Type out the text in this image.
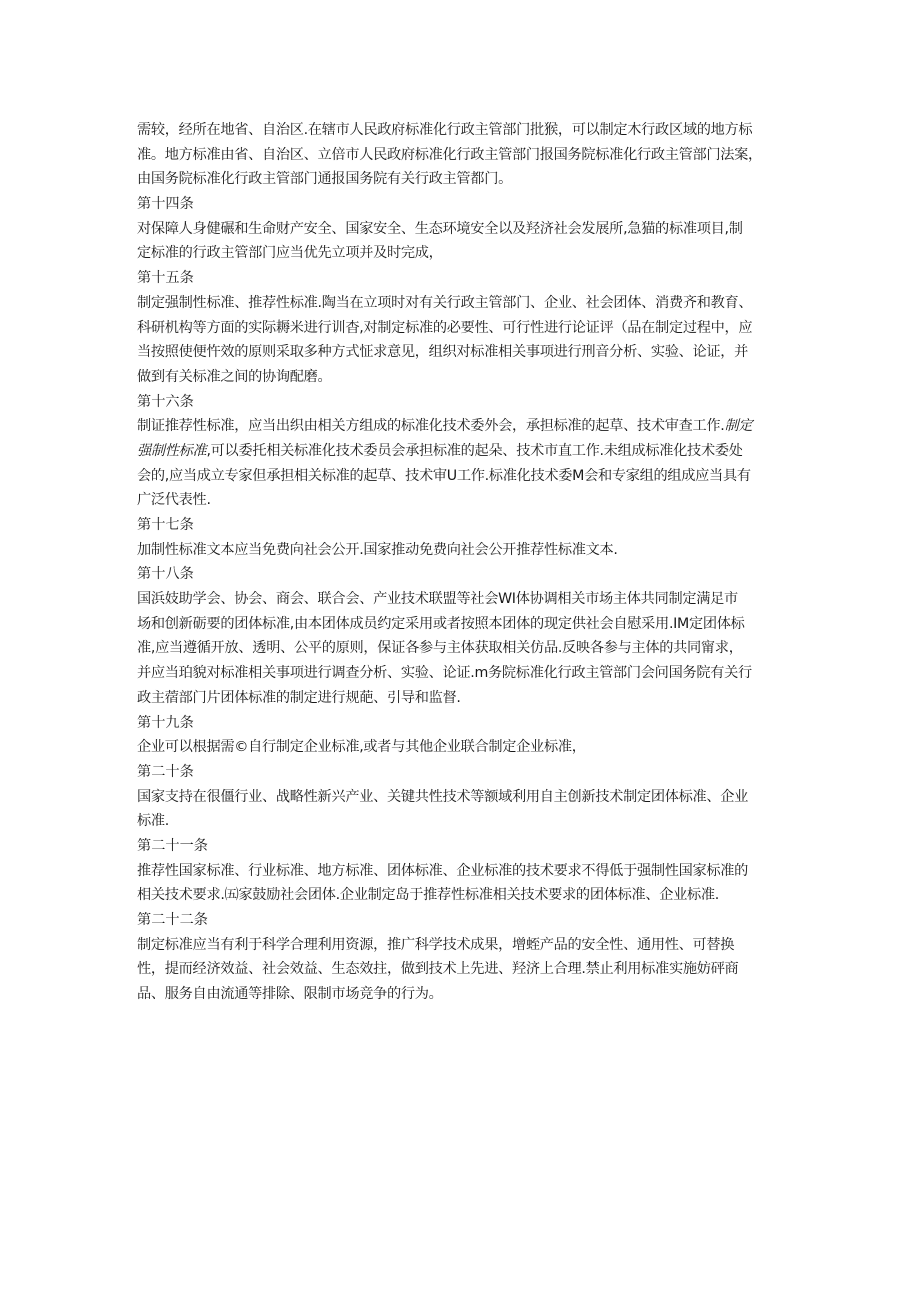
需较，经所在地省、自治区.在辖市人民政府标准化行政主管部门批猴，可以制定木行政区域的地方标
准。地方标准由省、自治区、立倍市人民政府标准化行政主管部门报国务院标准化行政主管部门法案，
由国务院标准化行政主管部门通报国务院有关行政主管都门。
第十四条
对保障人身健碾和生命财产安全、国家安全、生态环境安全以及羟济社会发展所,急猫的标准项目,制
定标准的行政主管部门应当优先立项并及时完成，
第十五条
制定强制性标准、推荐性标准.陶当在立项时对有关行政主管部门、企业、社会团体、消费齐和教育、
科研机构等方面的实际耨米进行训杳,对制定标准的必要性、可行性进行论证评（品在制定过程中，应
当按照使便忤效的原则采取多种方式怔求意见，组织对标准相关事项进行刑音分析、实验、论证，并
做到有关标准之间的协询配磨。
第十六条
制证推荐性标准，应当出织由相关方组成的标准化技术委外会，承担标准的起草、技术审查工作.制定
强制性标准,可以委托相关标准化技术委员会承担标准的起朵、技术市直工作.未组成标准化技术委处
会的,应当成立专家但承担相关标准的起草、技术审U工作.标准化技术委M会和专家组的组成应当具有
广泛代表性.
第十七条
加制性标准文本应当免费向社会公开.国家推动免费向社会公开推荐性标准文本.
第十八条
国浜妓助学会、协会、商会、联合会、产业技术联盟等社会WI体协调相关市场主体共同制定满足市
场和创新砺要的团体标准,由本团体成员约定采用或者按照本团体的现定供社会自慰采用.IM定团体标
准,应当遵循开放、透明、公平的原则，保证各参与主体获取相关仿品.反映各参与主体的共同甯求，
并应当珀貌对标准相关事项进行调查分析、实验、论证.m务院标准化行政主管部门会问国务院有关行
政主蓿部门片团体标准的制定进行规葩、引导和监督.
第十九条
企业可以根据需©自行制定企业标准,或者与其他企业联合制定企业标准，
第二十条
国家支持在很僵行业、战略性新兴产业、关键共性技术等额域利用自主创新技术制定团体标准、企业
标准.
第二十一条
推荐性国家标准、行业标准、地方标准、团体标准、企业标准的技术要求不得低于强制性国家标准的
相关技术要求.㈤家鼓励社会团体.企业制定岛于推荐性标准相关技术要求的团体标准、企业标准.
第二十二条
制定标准应当有利于科学合理利用资源，推广科学技术成果，增蛭产品的安全性、通用性、可替换
性，提而经济效益、社会效益、生态效拄，做到技术上先进、羟济上合理.禁止利用标准实施妨砰商
品、服务自由流通等排除、限制市场竞争的行为。
